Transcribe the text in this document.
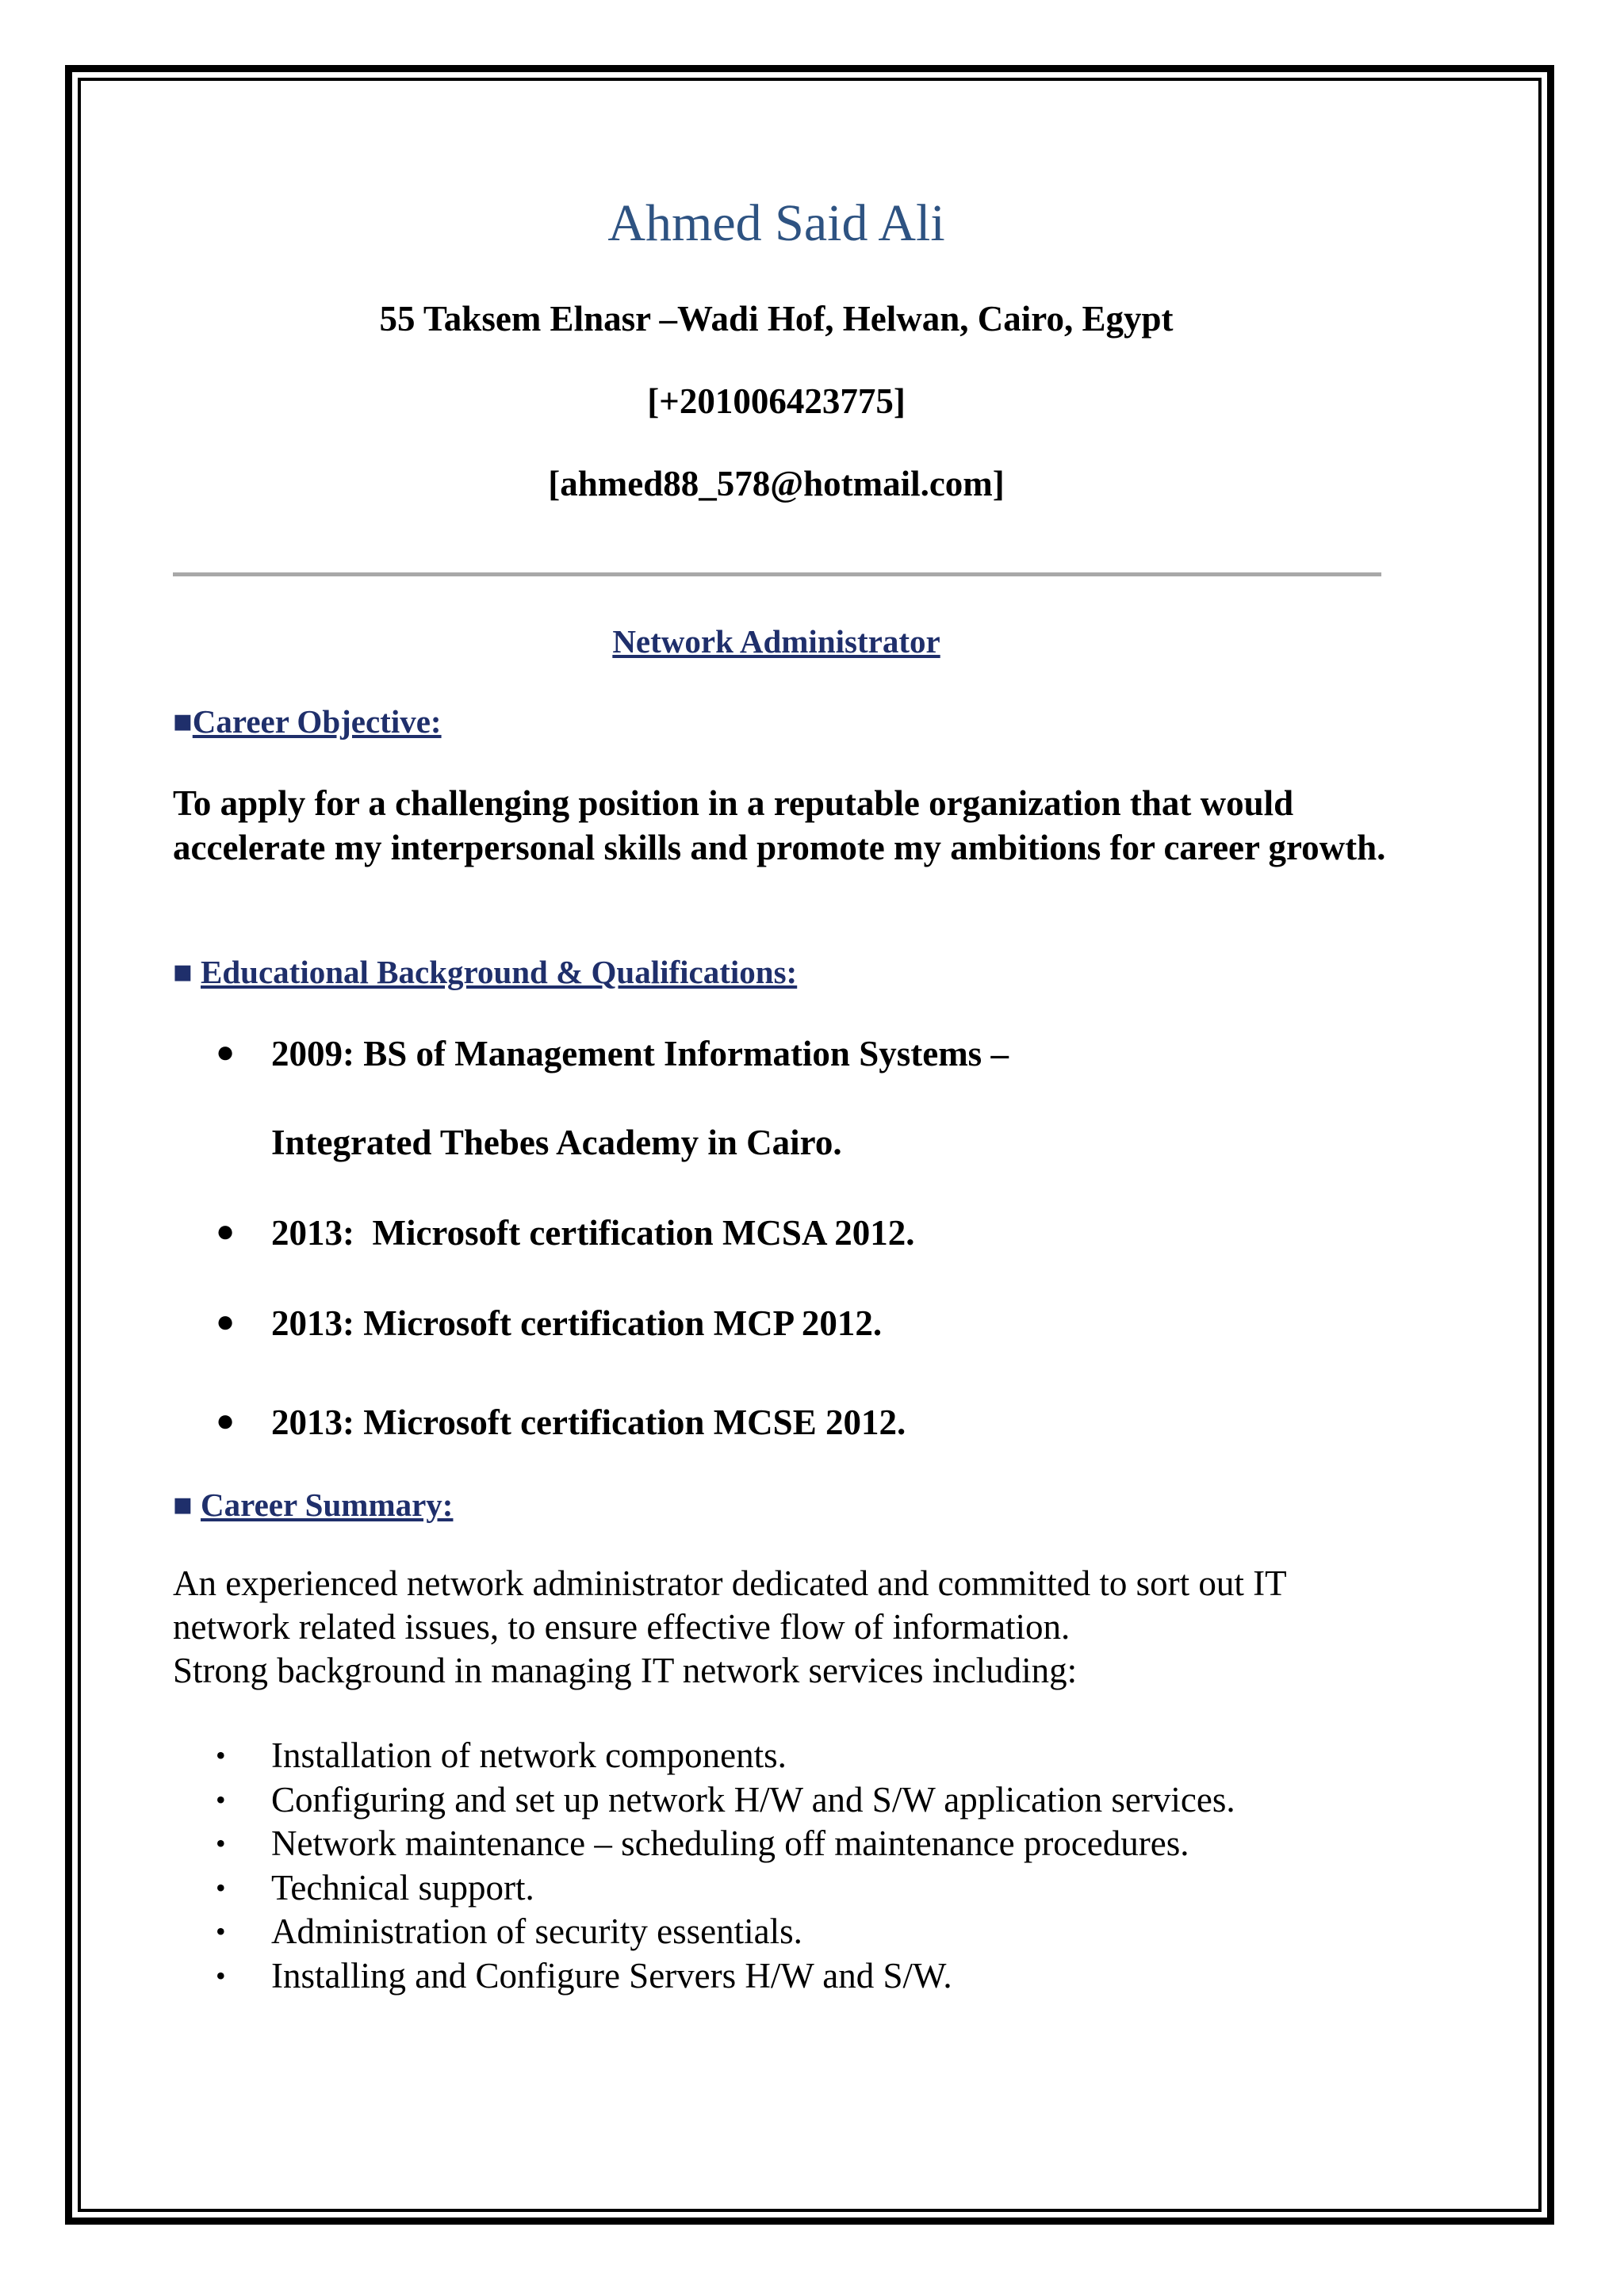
Ahmed Said Ali
55 Taksem Elnasr –Wadi Hof, Helwan, Cairo, Egypt
[+201006423775]
[ahmed88_578@hotmail.com]
Network Administrator
■Career Objective:
To apply for a challenging position in a reputable organization that would accelerate my interpersonal skills and promote my ambitions for career growth.
■ Educational Background & Qualifications:
● 2009: BS of Management Information Systems –
Integrated Thebes Academy in Cairo.
● 2013:  Microsoft certification MCSA 2012.
● 2013: Microsoft certification MCP 2012.
● 2013: Microsoft certification MCSE 2012.
■ Career Summary:
An experienced network administrator dedicated and committed to sort out IT network related issues, to ensure effective flow of information.
Strong background in managing IT network services including:
• Installation of network components.
• Configuring and set up network H/W and S/W application services.
• Network maintenance – scheduling off maintenance procedures.
• Technical support.
• Administration of security essentials.
• Installing and Configure Servers H/W and S/W.
